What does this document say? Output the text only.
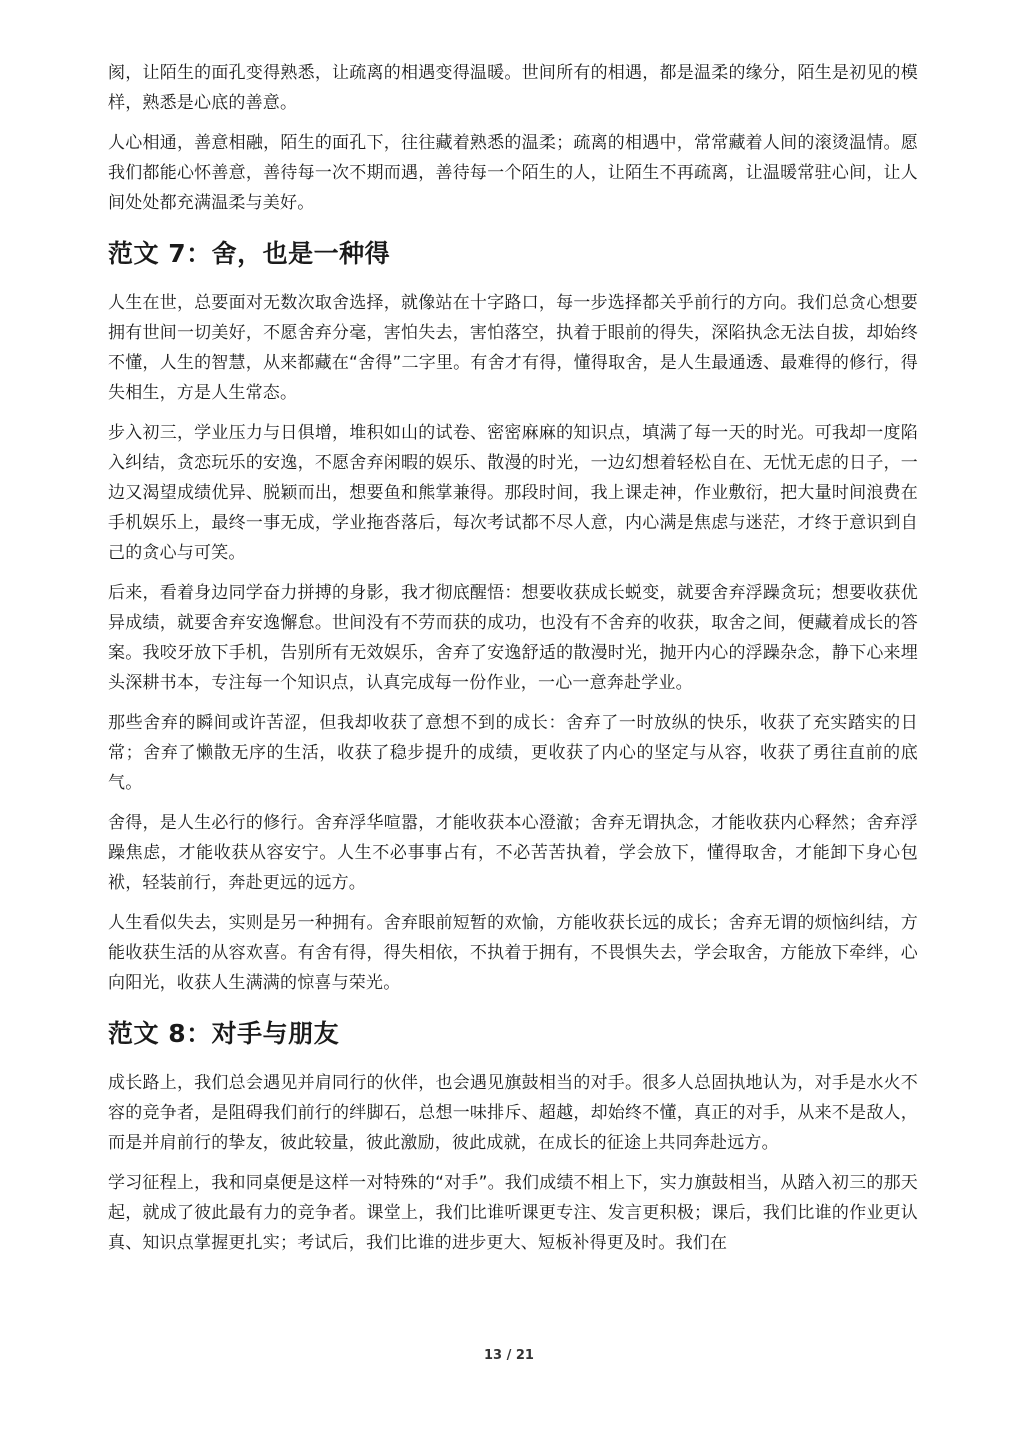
阂，让陌生的面孔变得熟悉，让疏离的相遇变得温暖。世间所有的相遇，都是温柔的缘分，陌生是初见的模样，熟悉是心底的善意。

人心相通，善意相融，陌生的面孔下，往往藏着熟悉的温柔；疏离的相遇中，常常藏着人间的滚烫温情。愿我们都能心怀善意，善待每一次不期而遇，善待每一个陌生的人，让陌生不再疏离，让温暖常驻心间，让人间处处都充满温柔与美好。

范文 7：舍，也是一种得

人生在世，总要面对无数次取舍选择，就像站在十字路口，每一步选择都关乎前行的方向。我们总贪心想要拥有世间一切美好，不愿舍弃分毫，害怕失去，害怕落空，执着于眼前的得失，深陷执念无法自拔，却始终不懂，人生的智慧，从来都藏在“舍得”二字里。有舍才有得，懂得取舍，是人生最通透、最难得的修行，得失相生，方是人生常态。

步入初三，学业压力与日俱增，堆积如山的试卷、密密麻麻的知识点，填满了每一天的时光。可我却一度陷入纠结，贪恋玩乐的安逸，不愿舍弃闲暇的娱乐、散漫的时光，一边幻想着轻松自在、无忧无虑的日子，一边又渴望成绩优异、脱颖而出，想要鱼和熊掌兼得。那段时间，我上课走神，作业敷衍，把大量时间浪费在手机娱乐上，最终一事无成，学业拖沓落后，每次考试都不尽人意，内心满是焦虑与迷茫，才终于意识到自己的贪心与可笑。

后来，看着身边同学奋力拼搏的身影，我才彻底醒悟：想要收获成长蜕变，就要舍弃浮躁贪玩；想要收获优异成绩，就要舍弃安逸懈怠。世间没有不劳而获的成功，也没有不舍弃的收获，取舍之间，便藏着成长的答案。我咬牙放下手机，告别所有无效娱乐，舍弃了安逸舒适的散漫时光，抛开内心的浮躁杂念，静下心来埋头深耕书本，专注每一个知识点，认真完成每一份作业，一心一意奔赴学业。

那些舍弃的瞬间或许苦涩，但我却收获了意想不到的成长：舍弃了一时放纵的快乐，收获了充实踏实的日常；舍弃了懒散无序的生活，收获了稳步提升的成绩，更收获了内心的坚定与从容，收获了勇往直前的底气。

舍得，是人生必行的修行。舍弃浮华喧嚣，才能收获本心澄澈；舍弃无谓执念，才能收获内心释然；舍弃浮躁焦虑，才能收获从容安宁。人生不必事事占有，不必苦苦执着，学会放下，懂得取舍，才能卸下身心包袱，轻装前行，奔赴更远的远方。

人生看似失去，实则是另一种拥有。舍弃眼前短暂的欢愉，方能收获长远的成长；舍弃无谓的烦恼纠结，方能收获生活的从容欢喜。有舍有得，得失相依，不执着于拥有，不畏惧失去，学会取舍，方能放下牵绊，心向阳光，收获人生满满的惊喜与荣光。

范文 8：对手与朋友

成长路上，我们总会遇见并肩同行的伙伴，也会遇见旗鼓相当的对手。很多人总固执地认为，对手是水火不容的竞争者，是阻碍我们前行的绊脚石，总想一味排斥、超越，却始终不懂，真正的对手，从来不是敌人，而是并肩前行的挚友，彼此较量，彼此激励，彼此成就，在成长的征途上共同奔赴远方。

学习征程上，我和同桌便是这样一对特殊的“对手”。我们成绩不相上下，实力旗鼓相当，从踏入初三的那天起，就成了彼此最有力的竞争者。课堂上，我们比谁听课更专注、发言更积极；课后，我们比谁的作业更认真、知识点掌握更扎实；考试后，我们比谁的进步更大、短板补得更及时。我们在

13 / 21
